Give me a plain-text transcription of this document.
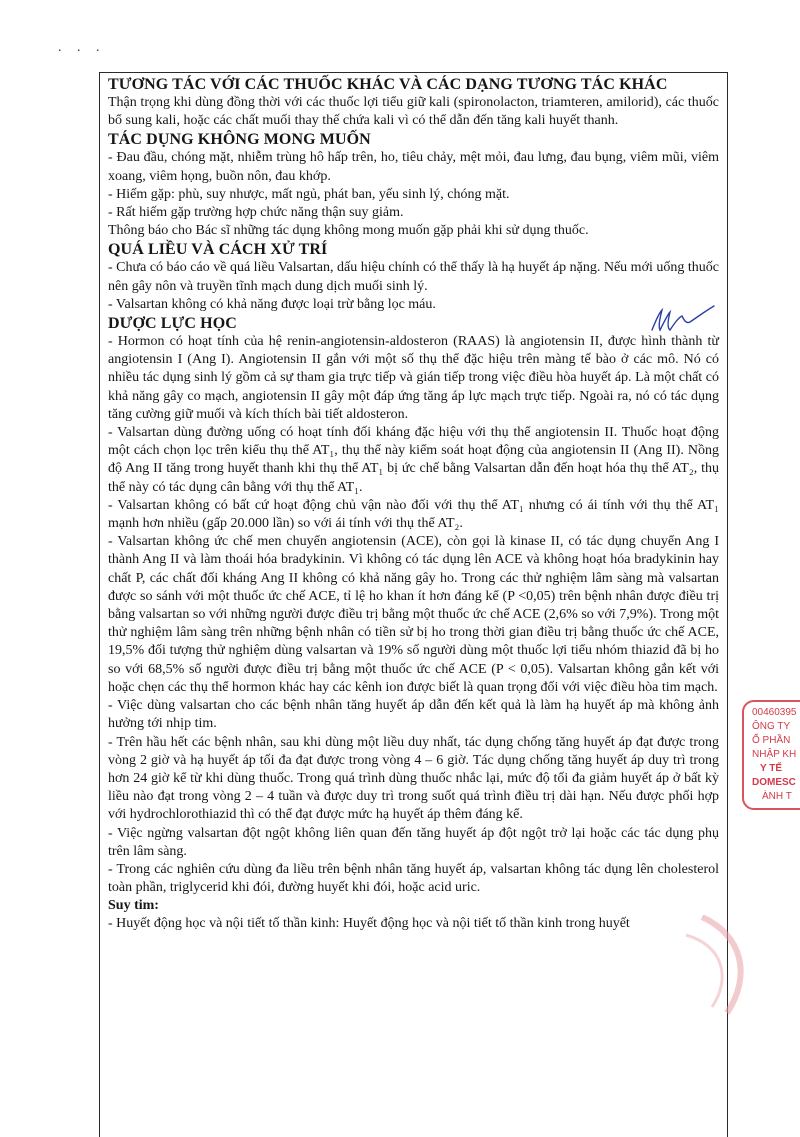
. . .
TƯƠNG TÁC VỚI CÁC THUỐC KHÁC VÀ CÁC DẠNG TƯƠNG TÁC KHÁC

Thận trọng khi dùng đồng thời với các thuốc lợi tiểu giữ kali (spironolacton, triamteren, amilorid), các thuốc bổ sung kali, hoặc các chất muối thay thế chứa kali vì có thể dẫn đến tăng kali huyết thanh.

TÁC DỤNG KHÔNG MONG MUỐN

- Đau đầu, chóng mặt, nhiễm trùng hô hấp trên, ho, tiêu chảy, mệt mỏi, đau lưng, đau bụng, viêm mũi, viêm xoang, viêm họng, buồn nôn, đau khớp.

- Hiếm gặp: phù, suy nhược, mất ngủ, phát ban, yếu sinh lý, chóng mặt.

- Rất hiếm gặp trường hợp chức năng thận suy giảm.

Thông báo cho Bác sĩ những tác dụng không mong muốn gặp phải khi sử dụng thuốc.

QUÁ LIỀU VÀ CÁCH XỬ TRÍ

- Chưa có báo cáo về quá liều Valsartan, dấu hiệu chính có thể thấy là hạ huyết áp nặng. Nếu mới uống thuốc nên gây nôn và truyền tĩnh mạch dung dịch muối sinh lý.

- Valsartan không có khả năng được loại trừ bằng lọc máu.

DƯỢC LỰC HỌC

- Hormon có hoạt tính của hệ renin-angiotensin-aldosteron (RAAS) là angiotensin II, được hình thành từ angiotensin I (Ang I). Angiotensin II gắn với một số thụ thể đặc hiệu trên màng tế bào ở các mô. Nó có nhiều tác dụng sinh lý gồm cả sự tham gia trực tiếp và gián tiếp trong việc điều hòa huyết áp. Là một chất có khả năng gây co mạch, angiotensin II gây một đáp ứng tăng áp lực mạch trực tiếp. Ngoài ra, nó có tác dụng tăng cường giữ muối và kích thích bài tiết aldosteron.

- Valsartan dùng đường uống có hoạt tính đối kháng đặc hiệu với thụ thể angiotensin II. Thuốc hoạt động một cách chọn lọc trên kiểu thụ thể AT₁, thụ thể này kiểm soát hoạt động của angiotensin II (Ang II). Nồng độ Ang II tăng trong huyết thanh khi thụ thể AT₁ bị ức chế bằng Valsartan dẫn đến hoạt hóa thụ thể AT₂, thụ thể này có tác dụng cân bằng với thụ thể AT₁.

- Valsartan không có bất cứ hoạt động chủ vận nào đối với thụ thể AT₁ nhưng có ái tính với thụ thể AT₁ mạnh hơn nhiều (gấp 20.000 lần) so với ái tính với thụ thể AT₂.

- Valsartan không ức chế men chuyển angiotensin (ACE), còn gọi là kinase II, có tác dụng chuyển Ang I thành Ang II và làm thoái hóa bradykinin. Vì không có tác dụng lên ACE và không hoạt hóa bradykinin hay chất P, các chất đối kháng Ang II không có khả năng gây ho. Trong các thử nghiệm lâm sàng mà valsartan được so sánh với một thuốc ức chế ACE, tỉ lệ ho khan ít hơn đáng kể (P <0,05) trên bệnh nhân được điều trị bằng valsartan so với những người được điều trị bằng một thuốc ức chế ACE (2,6% so với 7,9%). Trong một thử nghiệm lâm sàng trên những bệnh nhân có tiền sử bị ho trong thời gian điều trị bằng thuốc ức chế ACE, 19,5% đối tượng thử nghiệm dùng valsartan và 19% số người dùng một thuốc lợi tiểu nhóm thiazid đã bị ho so với 68,5% số người được điều trị bằng một thuốc ức chế ACE (P < 0,05). Valsartan không gắn kết với hoặc chẹn các thụ thể hormon khác hay các kênh ion được biết là quan trọng đối với việc điều hòa tim mạch.

- Việc dùng valsartan cho các bệnh nhân tăng huyết áp dẫn đến kết quả là làm hạ huyết áp mà không ảnh hưởng tới nhịp tim.

- Trên hầu hết các bệnh nhân, sau khi dùng một liều duy nhất, tác dụng chống tăng huyết áp đạt được trong vòng 2 giờ và hạ huyết áp tối đa đạt được trong vòng 4 – 6 giờ. Tác dụng chống tăng huyết áp duy trì trong hơn 24 giờ kể từ khi dùng thuốc. Trong quá trình dùng thuốc nhắc lại, mức độ tối đa giảm huyết áp ở bất kỳ liều nào đạt trong vòng 2 – 4 tuần và được duy trì trong suốt quá trình điều trị dài hạn. Nếu được phối hợp với hydrochlorothiazid thì có thể đạt được mức hạ huyết áp thêm đáng kể.

- Việc ngừng valsartan đột ngột không liên quan đến tăng huyết áp đột ngột trở lại hoặc các tác dụng phụ trên lâm sàng.

- Trong các nghiên cứu dùng đa liều trên bệnh nhân tăng huyết áp, valsartan không tác dụng lên cholesterol toàn phần, triglycerid khi đói, đường huyết khi đói, hoặc acid uric.

Suy tim:

- Huyết động học và nội tiết tố thần kinh: Huyết động học và nội tiết tố thần kinh trong huyết

00460395
ÔNG TY
Ổ PHẦN
NHẬP KH
Y TẾ
DOMESC
ÀNH T
